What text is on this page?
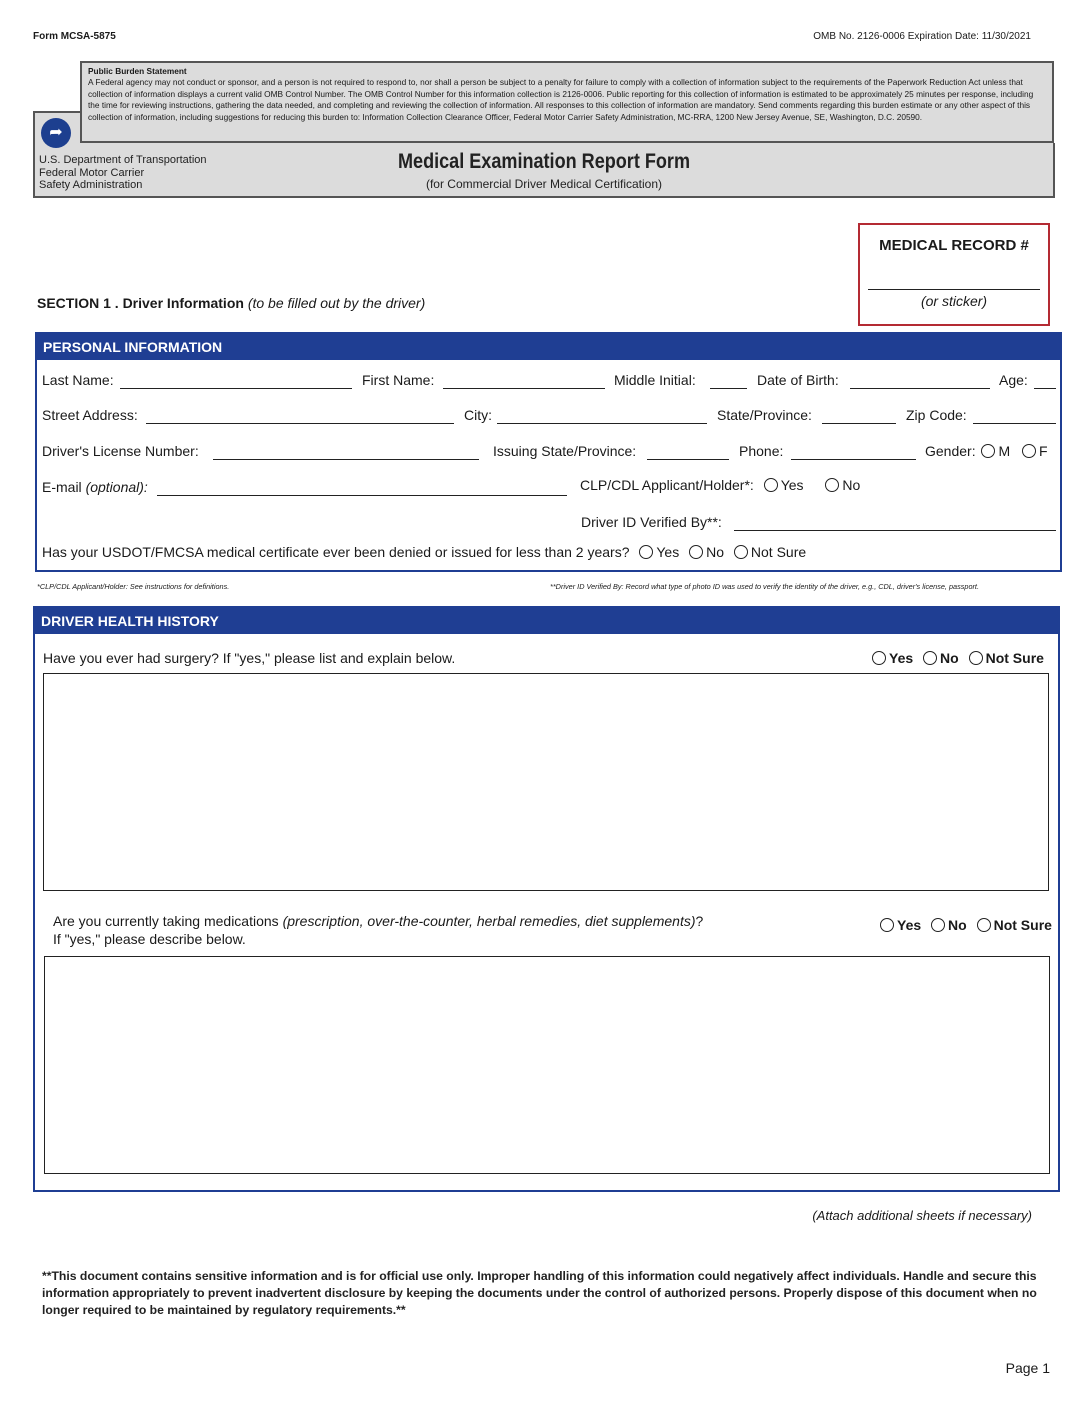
Form MCSA-5875	OMB No. 2126-0006 Expiration Date: 11/30/2021
Public Burden Statement
A Federal agency may not conduct or sponsor, and a person is not required to respond to, nor shall a person be subject to a penalty for failure to comply with a collection of information subject to the requirements of the Paperwork Reduction Act unless that collection of information displays a current valid OMB Control Number. The OMB Control Number for this information collection is 2126-0006. Public reporting for this collection of information is estimated to be approximately 25 minutes per response, including the time for reviewing instructions, gathering the data needed, and completing and reviewing the collection of information. All responses to this collection of information are mandatory. Send comments regarding this burden estimate or any other aspect of this collection of information, including suggestions for reducing this burden to: Information Collection Clearance Officer, Federal Motor Carrier Safety Administration, MC-RRA, 1200 New Jersey Avenue, SE, Washington, D.C. 20590.
➦
U.S. Department of Transportation
Federal Motor Carrier
Safety Administration
Medical Examination Report Form
(for Commercial Driver Medical Certification)
MEDICAL RECORD #
(or sticker)
SECTION 1 . Driver Information (to be filled out by the driver)
PERSONAL INFORMATION
Last Name:	First Name:	Middle Initial:	Date of Birth:	Age:
Street Address:	City:	State/Province:	Zip Code:
Driver's License Number:	Issuing State/Province:	Phone:	Gender: M F
E-mail (optional):	CLP/CDL Applicant/Holder*: Yes	No
Driver ID Verified By**:
Has your USDOT/FMCSA medical certificate ever been denied or issued for less than 2 years? Yes No Not Sure
*CLP/CDL Applicant/Holder: See instructions for definitions.	**Driver ID Verified By: Record what type of photo ID was used to verify the identity of the driver, e.g., CDL, driver's license, passport.
DRIVER HEALTH HISTORY
Have you ever had surgery? If "yes," please list and explain below.	Yes No Not Sure
Are you currently taking medications (prescription, over-the-counter, herbal remedies, diet supplements)?
If "yes," please describe below.
Yes No Not Sure
(Attach additional sheets if necessary)
**This document contains sensitive information and is for official use only. Improper handling of this information could negatively affect individuals. Handle and secure this information appropriately to prevent inadvertent disclosure by keeping the documents under the control of authorized persons. Properly dispose of this document when no longer required to be maintained by regulatory requirements.**
Page 1
